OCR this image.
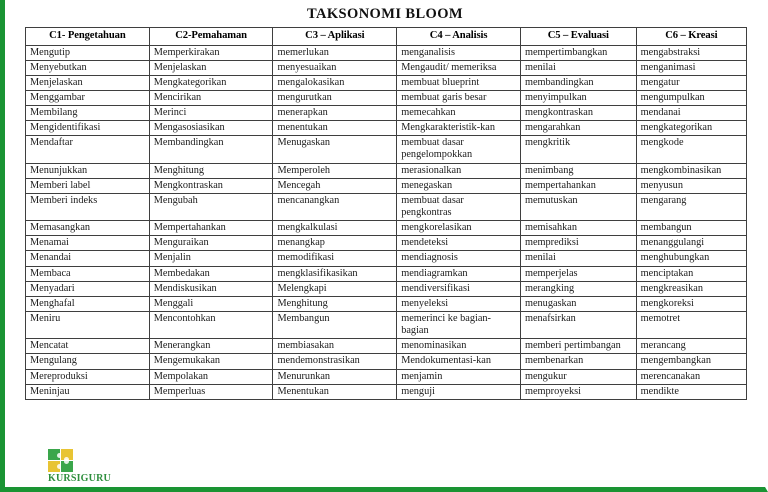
TAKSONOMI BLOOM
C1- Pengetahuan	C2-Pemahaman	C3 – Aplikasi	C4 – Analisis	C5 – Evaluasi	C6 – Kreasi
Mengutip	Memperkirakan	memerlukan	menganalisis	mempertimbangkan	mengabstraksi
Menyebutkan	Menjelaskan	menyesuaikan	Mengaudit/ memeriksa	menilai	menganimasi
Menjelaskan	Mengkategorikan	mengalokasikan	membuat blueprint	membandingkan	mengatur
Menggambar	Mencirikan	mengurutkan	membuat garis besar	menyimpulkan	mengumpulkan
Membilang	Merinci	menerapkan	memecahkan	mengkontraskan	mendanai
Mengidentifikasi	Mengasosiasikan	menentukan	Mengkarakteristik-kan	mengarahkan	mengkategorikan
Mendaftar	Membandingkan	Menugaskan	membuat dasar pengelompokkan	mengkritik	mengkode
Menunjukkan	Menghitung	Memperoleh	merasionalkan	menimbang	mengkombinasikan
Memberi label	Mengkontraskan	Mencegah	menegaskan	mempertahankan	menyusun
Memberi indeks	Mengubah	mencanangkan	membuat dasar pengkontras	memutuskan	mengarang
Memasangkan	Mempertahankan	mengkalkulasi	mengkorelasikan	memisahkan	membangun
Menamai	Menguraikan	menangkap	mendeteksi	memprediksi	menanggulangi
Menandai	Menjalin	memodifikasi	mendiagnosis	menilai	menghubungkan
Membaca	Membedakan	mengklasifikasikan	mendiagramkan	memperjelas	menciptakan
Menyadari	Mendiskusikan	Melengkapi	mendiversifikasi	merangking	mengkreasikan
Menghafal	Menggali	Menghitung	menyeleksi	menugaskan	mengkoreksi
Meniru	Mencontohkan	Membangun	memerinci ke bagian-bagian	menafsirkan	memotret
Mencatat	Menerangkan	membiasakan	menominasikan	memberi pertimbangan	merancang
Mengulang	Mengemukakan	mendemonstrasikan	Mendokumentasi-kan	membenarkan	mengembangkan
Mereproduksi	Mempolakan	Menurunkan	menjamin	mengukur	merencanakan
Meninjau	Memperluas	Menentukan	menguji	memproyeksi	mendikte
KURSIGURU
